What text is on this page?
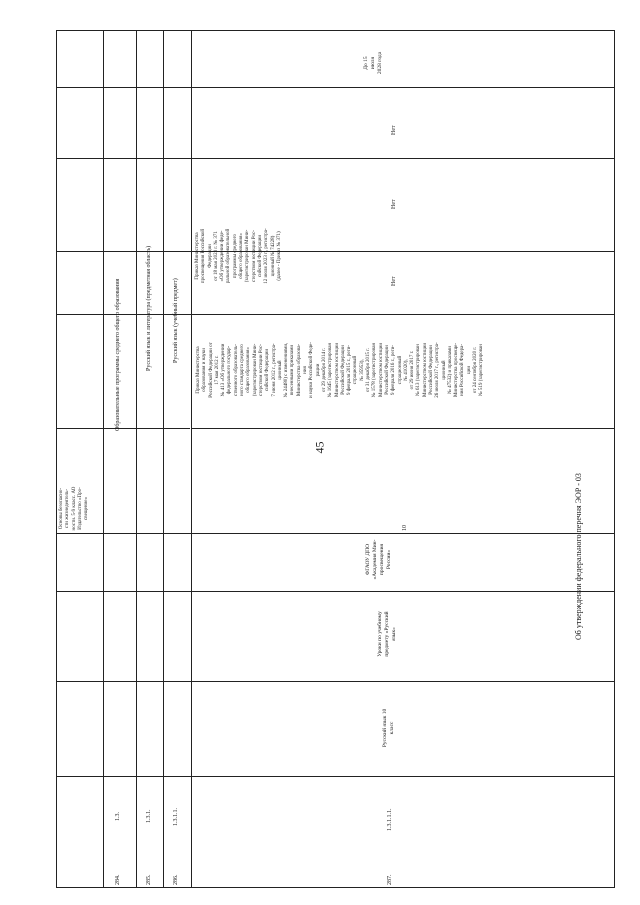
45
Об утверждении федерального перечня ЭОР - 03
Основы безопасно-
сти жизнедеятель-
ности. 5-9 класс. АО
Издательство «Про-
свещение»
284.
1.3.
Образовательные программы среднего общего образования
285.
1.3.1.
Русский язык и литература (предметная область)
286.
1.3.1.1.
Русский язык (учебный предмет)
287.
1.3.1.1.1.
Русский язык 10
класс
Уроки по учебному
предмету «Русский
язык»
ФГАОУ ДПО
«Академия Мин-
просвещения
России»
10
Приказ Министерства
образования и науки
Российской Федерации от
17 мая 2012 г.
№ 413 «Об утверждении
федерального государ-
ственного образователь-
ного стандарта среднего
общего образования»
(зарегистрирован Мини-
стерством юстиции Рос-
сийской Федерации
7 июня 2012 г., регистра-
ционный
№ 24480) с изменениями,
внесенными приказами
Министерства образова-
ния
и науки Российской Феде-
рации
от 29 декабря 2014 г.
№ 1645 (зарегистрирован
Министерством юстиции
Российской Федерации
9 февраля 2015 г., реги-
страционный
№ 35953),
от 31 декабря 2015 г.
№ 1578 (зарегистрирован
Министерством юстиции
Российской Федерации
9 февраля 2016 г., реги-
страционный
№ 41020),
от 29 июня 2017 г.
№ 613 (зарегистрирован
Министерством юстиции
Российской Федерации
26 июля 2017 г., регистра-
ционный
№ 47532) и приказами
Министерства просвеще-
ния Российской Федера-
ции
от 24 сентября 2020 г.
№ 519 (зарегистрирован
Приказ Министерства
просвещения Российской
Федерации
от 18 мая 2023 г. № 371
«Об утверждении феде-
ральной образовательной
программы среднего
общего образования»
(зарегистрирован Мини-
стерством юстиции Рос-
сийской Федерации
12 июля 2023 г., регистра-
ционный № 74228)
(далее - Приказ № 371)
Нет
Нет
Нет
До 15
июля
2028 года
